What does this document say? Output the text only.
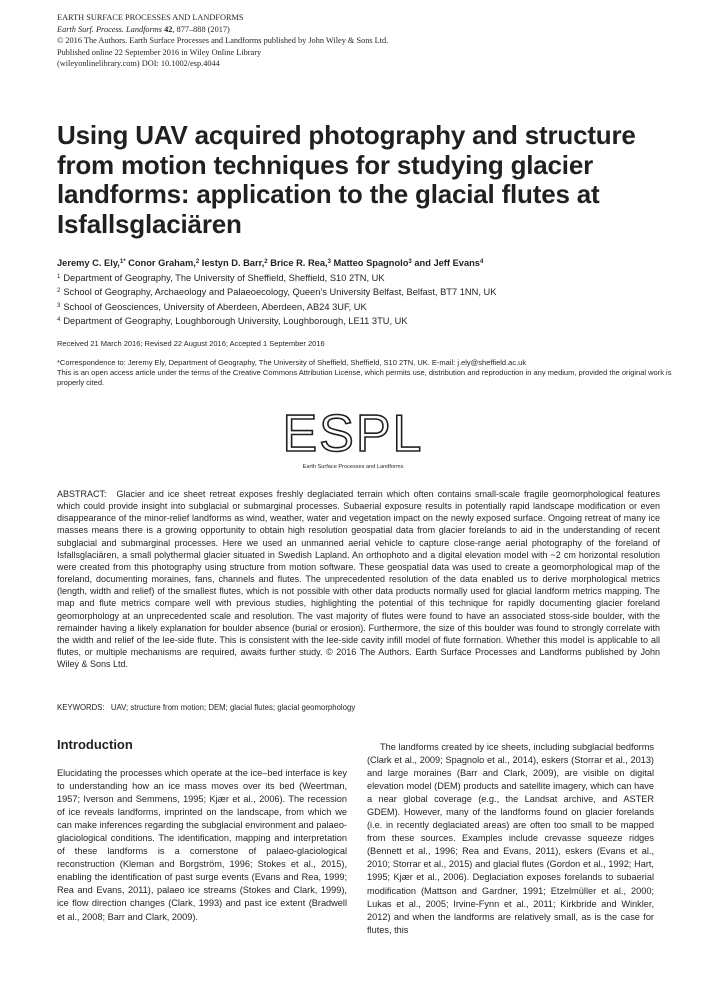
EARTH SURFACE PROCESSES AND LANDFORMS
Earth Surf. Process. Landforms 42, 877–888 (2017)
© 2016 The Authors. Earth Surface Processes and Landforms published by John Wiley & Sons Ltd.
Published online 22 September 2016 in Wiley Online Library
(wileyonlinelibrary.com) DOI: 10.1002/esp.4044
Using UAV acquired photography and structure from motion techniques for studying glacier landforms: application to the glacial flutes at Isfallsglaciären
Jeremy C. Ely,$^{1*}$ Conor Graham,$^2$ Iestyn D. Barr,$^2$ Brice R. Rea,$^3$ Matteo Spagnolo$^3$ and Jeff Evans$^4$
$^1$ Department of Geography, The University of Sheffield, Sheffield, S10 2TN, UK
$^2$ School of Geography, Archaeology and Palaeoecology, Queen’s University Belfast, Belfast, BT7 1NN, UK
$^3$ School of Geosciences, University of Aberdeen, Aberdeen, AB24 3UF, UK
$^4$ Department of Geography, Loughborough University, Loughborough, LE11 3TU, UK
Received 21 March 2016; Revised 22 August 2016; Accepted 1 September 2016
*Correspondence to: Jeremy Ely, Department of Geography, The University of Sheffield, Sheffield, S10 2TN, UK. E-mail: j.ely@sheffield.ac.uk
This is an open access article under the terms of the Creative Commons Attribution License, which permits use, distribution and reproduction in any medium, provided the original work is properly cited.
ESPL
Earth Surface Processes and Landforms

ABSTRACT: Glacier and ice sheet retreat exposes freshly deglaciated terrain which often contains small-scale fragile geomorphological features which could provide insight into subglacial or submarginal processes. Subaerial exposure results in potentially rapid landscape modification or even disappearance of the minor-relief landforms as wind, weather, water and vegetation impact on the newly exposed surface. Ongoing retreat of many ice masses means there is a growing opportunity to obtain high resolution geospatial data from glacier forelands to aid in the understanding of recent subglacial and submarginal processes. Here we used an unmanned aerial vehicle to capture close-range aerial photography of the foreland of Isfallsglaciären, a small polythermal glacier situated in Swedish Lapland. An orthophoto and a digital elevation model with ~2 cm horizontal resolution were created from this photography using structure from motion software. These geospatial data was used to create a geomorphological map of the foreland, documenting moraines, fans, channels and flutes. The unprecedented resolution of the data enabled us to derive morphological metrics (length, width and relief) of the smallest flutes, which is not possible with other data products normally used for glacial landform metrics mapping. The map and flute metrics compare well with previous studies, highlighting the potential of this technique for rapidly documenting glacier foreland geomorphology at an unprecedented scale and resolution. The vast majority of flutes were found to have an associated stoss-side boulder, with the remainder having a likely explanation for boulder absence (burial or erosion). Furthermore, the size of this boulder was found to strongly correlate with the width and relief of the lee-side flute. This is consistent with the lee-side cavity infill model of flute formation. Whether this model is applicable to all flutes, or multiple mechanisms are required, awaits further study. © 2016 The Authors. Earth Surface Processes and Landforms published by John Wiley & Sons Ltd.

KEYWORDS: UAV; structure from motion; DEM; glacial flutes; glacial geomorphology
Introduction

Elucidating the processes which operate at the ice–bed interface is key to understanding how an ice mass moves over its bed (Weertman, 1957; Iverson and Semmens, 1995; Kjær et al., 2006). The recession of ice reveals landforms, imprinted on the landscape, from which we can make inferences regarding the subglacial environment and palaeo-glaciological conditions. The identification, mapping and interpretation of these landforms is a cornerstone of palaeo-glaciological reconstruction (Kleman and Borgström, 1996; Stokes et al., 2015), enabling the identification of past surge events (Evans and Rea, 1999; Rea and Evans, 2011), palaeo ice streams (Stokes and Clark, 1999), ice flow direction changes (Clark, 1993) and past ice extent (Bradwell et al., 2008; Barr and Clark, 2009).

The landforms created by ice sheets, including subglacial bedforms (Clark et al., 2009; Spagnolo et al., 2014), eskers (Storrar et al., 2013) and large moraines (Barr and Clark, 2009), are visible on digital elevation model (DEM) products and satellite imagery, which can have a near global coverage (e.g., the Landsat archive, and ASTER GDEM). However, many of the landforms found on glacier forelands (i.e. in recently deglaciated areas) are often too small to be mapped from these sources. Examples include crevasse squeeze ridges (Bennett et al., 1996; Rea and Evans, 2011), eskers (Evans et al., 2010; Storrar et al., 2015) and glacial flutes (Gordon et al., 1992; Hart, 1995; Kjær et al., 2006). Deglaciation exposes forelands to subaerial modification (Mattson and Gardner, 1991; Etzelmüller et al., 2000; Lukas et al., 2005; Irvine-Fynn et al., 2011; Kirkbride and Winkler, 2012) and when the landforms are relatively small, as is the case for flutes, this
